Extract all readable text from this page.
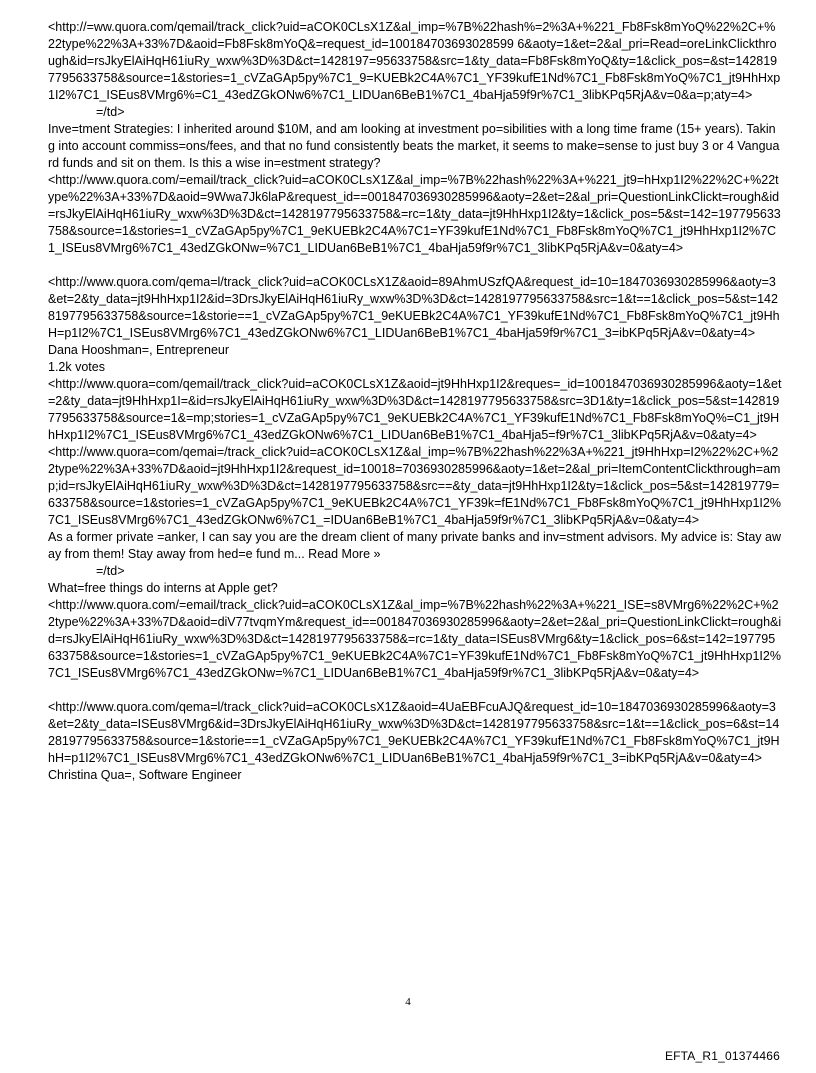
<http://=ww.quora.com/qemail/track_click?uid=aCOK0CLsX1Z&al_imp=%7B%22hash%=2%3A+%221_Fb8Fsk8mYoQ%22%2C+%22type%22%3A+33%7D&aoid=Fb8Fsk8mYoQ&=request_id=100184703693028599 6&aoty=1&et=2&al_pri=Read=oreLinkClickthrough&id=rsJkyElAiHqH61iuRy_wxw%3D%3D&ct=1428197=95633758&src=1&ty_data=Fb8Fsk8mYoQ&ty=1&click_pos=&st=1428197795633758&source=1&stories=1_cVZaGAp5py%7C1_9=KUEBk2C4A%7C1_YF39kufE1Nd%7C1_Fb8Fsk8mYoQ%7C1_jt9HhHxp1I2%7C1_ISEus8VMrg6%=C1_43edZGkONw6%7C1_LIDUan6BeB1%7C1_4baHja59f9r%7C1_3libKPq5RjA&v=0&a=p;aty=4>
=/td>
Inve=tment Strategies: I inherited around $10M, and am looking at investment po=sibilities with a long time frame (15+ years). Taking into account commiss=ons/fees, and that no fund consistently beats the market, it seems to make=sense to just buy 3 or 4 Vanguard funds and sit on them. Is this a wise in=estment strategy?
<http://www.quora.com/=email/track_click?uid=aCOK0CLsX1Z&al_imp=%7B%22hash%22%3A+%221_jt9=hHxp1I2%22%2C+%22type%22%3A+33%7D&aoid=9Wwa7Jk6laP&request_id==001847036930285996&aoty=2&et=2&al_pri=QuestionLinkClickt=rough&id=rsJkyElAiHqH61iuRy_wxw%3D%3D&ct=1428197795633758&=rc=1&ty_data=jt9HhHxp1I2&ty=1&click_pos=5&st=142=197795633758&source=1&stories=1_cVZaGAp5py%7C1_9eKUEBk2C4A%7C1=YF39kufE1Nd%7C1_Fb8Fsk8mYoQ%7C1_jt9HhHxp1I2%7C1_ISEus8VMrg6%7C1_43edZGkONw=%7C1_LIDUan6BeB1%7C1_4baHja59f9r%7C1_3libKPq5RjA&v=0&aty=4>
<http://www.quora.com/qema=l/track_click?uid=aCOK0CLsX1Z&aoid=89AhmUSzfQA&request_id=10=1847036930285996&aoty=3&et=2&ty_data=jt9HhHxp1I2&id=3DrsJkyElAiHqH61iuRy_wxw%3D%3D&ct=1428197795633758&src=1&t==1&click_pos=5&st=1428197795633758&source=1&storie==1_cVZaGAp5py%7C1_9eKUEBk2C4A%7C1_YF39kufE1Nd%7C1_Fb8Fsk8mYoQ%7C1_jt9HhH=p1I2%7C1_ISEus8VMrg6%7C1_43edZGkONw6%7C1_LIDUan6BeB1%7C1_4baHja59f9r%7C1_3=ibKPq5RjA&v=0&aty=4>
Dana Hooshman=, Entrepreneur
1.2k votes
<http://www.quora=com/qemail/track_click?uid=aCOK0CLsX1Z&aoid=jt9HhHxp1I2&reques=_id=1001847036930285996&aoty=1&et=2&ty_data=jt9HhHxp1I=&id=rsJkyElAiHqH61iuRy_wxw%3D%3D&ct=1428197795633758&src=3D1&ty=1&click_pos=5&st=1428197795633758&source=1&=mp;stories=1_cVZaGAp5py%7C1_9eKUEBk2C4A%7C1_YF39kufE1Nd%7C1_Fb8Fsk8mYoQ%=C1_jt9HhHxp1I2%7C1_ISEus8VMrg6%7C1_43edZGkONw6%7C1_LIDUan6BeB1%7C1_4baHja5=f9r%7C1_3libKPq5RjA&v=0&aty=4>
<http://www.quora=com/qemai=/track_click?uid=aCOK0CLsX1Z&al_imp=%7B%22hash%22%3A+%221_jt9HhHxp=I2%22%2C+%22type%22%3A+33%7D&aoid=jt9HhHxp1I2&request_id=10018=7036930285996&aoty=1&et=2&al_pri=ItemContentClickthrough=amp;id=rsJkyElAiHqH61iuRy_wxw%3D%3D&ct=1428197795633758&src==&ty_data=jt9HhHxp1I2&ty=1&click_pos=5&st=142819779=633758&source=1&stories=1_cVZaGAp5py%7C1_9eKUEBk2C4A%7C1_YF39k=fE1Nd%7C1_Fb8Fsk8mYoQ%7C1_jt9HhHxp1I2%7C1_ISEus8VMrg6%7C1_43edZGkONw6%7C1_=IDUan6BeB1%7C1_4baHja59f9r%7C1_3libKPq5RjA&v=0&aty=4>
As a former private =anker, I can say you are the dream client of many private banks and inv=stment advisors. My advice is: Stay away from them! Stay away from hed=e fund m... Read More »
=/td>
What=free things do interns at Apple get?
<http://www.quora.com/=email/track_click?uid=aCOK0CLsX1Z&al_imp=%7B%22hash%22%3A+%221_ISE=s8VMrg6%22%2C+%22type%22%3A+33%7D&aoid=diV77tvqmYm&request_id==001847036930285996&aoty=2&et=2&al_pri=QuestionLinkClickt=rough&id=rsJkyElAiHqH61iuRy_wxw%3D%3D&ct=1428197795633758&=rc=1&ty_data=ISEus8VMrg6&ty=1&click_pos=6&st=142=197795633758&source=1&stories=1_cVZaGAp5py%7C1_9eKUEBk2C4A%7C1=YF39kufE1Nd%7C1_Fb8Fsk8mYoQ%7C1_jt9HhHxp1I2%7C1_ISEus8VMrg6%7C1_43edZGkONw=%7C1_LIDUan6BeB1%7C1_4baHja59f9r%7C1_3libKPq5RjA&v=0&aty=4>
<http://www.quora.com/qema=l/track_click?uid=aCOK0CLsX1Z&aoid=4UaEBFcuAJQ&request_id=10=1847036930285996&aoty=3&et=2&ty_data=ISEus8VMrg6&id=3DrsJkyElAiHqH61iuRy_wxw%3D%3D&ct=1428197795633758&src=1&t==1&click_pos=6&st=1428197795633758&source=1&storie==1_cVZaGAp5py%7C1_9eKUEBk2C4A%7C1_YF39kufE1Nd%7C1_Fb8Fsk8mYoQ%7C1_jt9HhH=p1I2%7C1_ISEus8VMrg6%7C1_43edZGkONw6%7C1_LIDUan6BeB1%7C1_4baHja59f9r%7C1_3=ibKPq5RjA&v=0&aty=4>
Christina Qua=, Software Engineer
4
EFTA_R1_01374466
